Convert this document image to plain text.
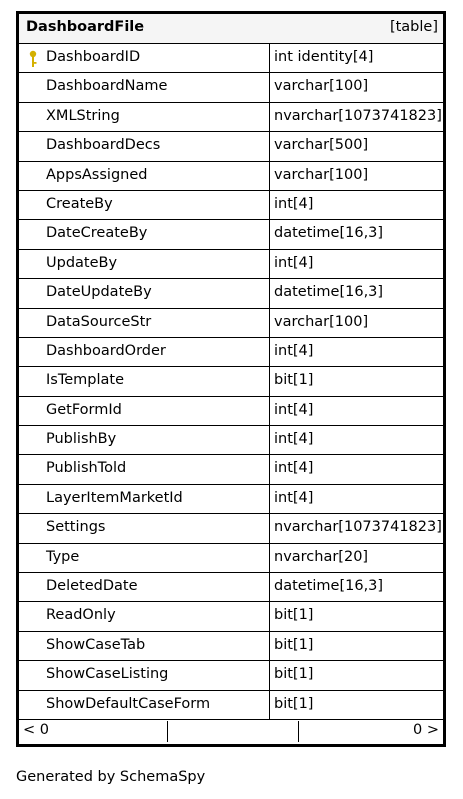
DashboardFile	[table]
DashboardID	int identity[4]
DashboardName	varchar[100]
XMLString	nvarchar[1073741823]
DashboardDecs	varchar[500]
AppsAssigned	varchar[100]
CreateBy	int[4]
DateCreateBy	datetime[16,3]
UpdateBy	int[4]
DateUpdateBy	datetime[16,3]
DataSourceStr	varchar[100]
DashboardOrder	int[4]
IsTemplate	bit[1]
GetFormId	int[4]
PublishBy	int[4]
PublishTold	int[4]
LayerItemMarketId	int[4]
Settings	nvarchar[1073741823]
Type	nvarchar[20]
DeletedDate	datetime[16,3]
ReadOnly	bit[1]
ShowCaseTab	bit[1]
ShowCaseListing	bit[1]
ShowDefaultCaseForm	bit[1]
< 0	0 >
Generated by SchemaSpy
